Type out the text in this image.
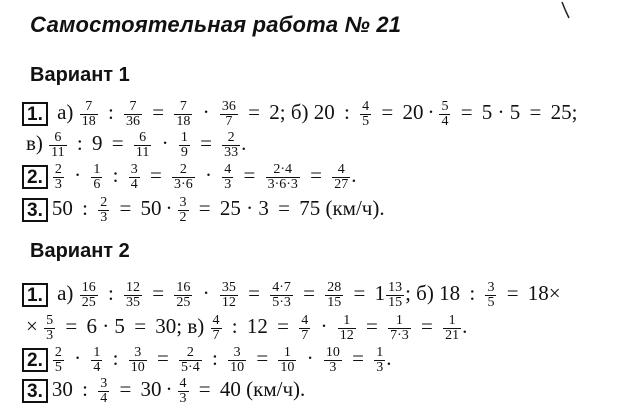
Самостоятельная работа № 21
Вариант 1
1. $а) \frac{7}{18}$ : $\frac{7}{36} = \frac{7}{18} \cdot \frac{36}{7} = 2$; б) 20 : $\frac{4}{5} = 20 \cdot \frac{5}{4} = 5 \cdot 5 = 25$;
$в) \frac{6}{11}$ : $9 = \frac{6}{11} \cdot \frac{1}{9} = \frac{2}{33}$ .
2. $\frac{2}{3} \cdot \frac{1}{6}$ : $\frac{3}{4} = \frac{2}{3\cdot 6} \cdot \frac{4}{3} = \frac{2\cdot 4}{3\cdot 6\cdot 3} = \frac{4}{27}$ .
3. 50 : $\frac{2}{3} = 50 \cdot \frac{3}{2} = 25 \cdot 3 = 75$ (км/ч).
Вариант 2
1. $а) \frac{16}{25}$ : $\frac{12}{35} = \frac{16}{25} \cdot \frac{35}{12} = \frac{4\cdot 7}{5\cdot 3} = \frac{28}{15} = 1 \frac{13}{15}$ ; б) 18 : $\frac{3}{5} = 18\times$
× $\frac{5}{3} = 6 \cdot 5 = 30$; $в) \frac{4}{7}$ : $12 = \frac{4}{7} \cdot \frac{1}{12} = \frac{1}{7\cdot 3} = \frac{1}{21}$ .
2. $\frac{2}{5} \cdot \frac{1}{4}$ : $\frac{3}{10} = \frac{2}{5\cdot 4}$ : $\frac{3}{10} = \frac{1}{10} \cdot \frac{10}{3} = \frac{1}{3}$ .
3. 30 : $\frac{3}{4} = 30 \cdot \frac{4}{3} = 40$ (км/ч).
